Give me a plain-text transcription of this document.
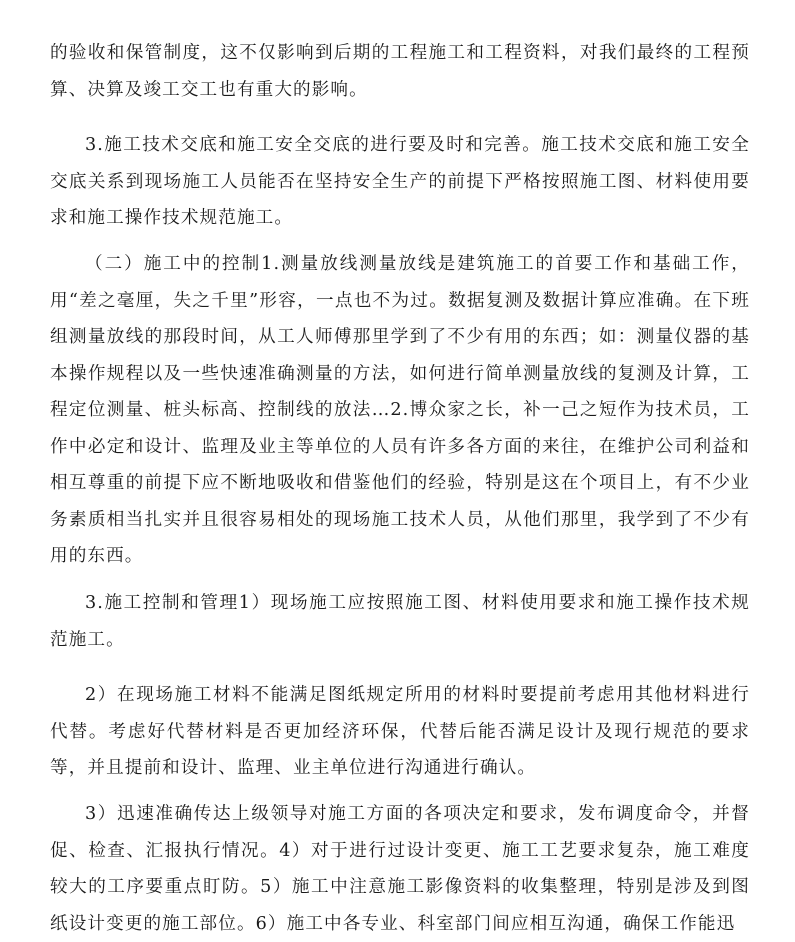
的验收和保管制度，这不仅影响到后期的工程施工和工程资料，对我们最终的工程预算、决算及竣工交工也有重大的影响。

3.施工技术交底和施工安全交底的进行要及时和完善。施工技术交底和施工安全交底关系到现场施工人员能否在坚持安全生产的前提下严格按照施工图、材料使用要求和施工操作技术规范施工。

（二）施工中的控制1.测量放线测量放线是建筑施工的首要工作和基础工作，用“差之毫厘，失之千里”形容，一点也不为过。数据复测及数据计算应准确。在下班组测量放线的那段时间，从工人师傅那里学到了不少有用的东西；如：测量仪器的基本操作规程以及一些快速准确测量的方法，如何进行简单测量放线的复测及计算，工程定位测量、桩头标高、控制线的放法…2.博众家之长，补一己之短作为技术员，工作中必定和设计、监理及业主等单位的人员有许多各方面的来往，在维护公司利益和相互尊重的前提下应不断地吸收和借鉴他们的经验，特别是这在个项目上，有不少业务素质相当扎实并且很容易相处的现场施工技术人员，从他们那里，我学到了不少有用的东西。

3.施工控制和管理1）现场施工应按照施工图、材料使用要求和施工操作技术规范施工。

2）在现场施工材料不能满足图纸规定所用的材料时要提前考虑用其他材料进行代替。考虑好代替材料是否更加经济环保，代替后能否满足设计及现行规范的要求等，并且提前和设计、监理、业主单位进行沟通进行确认。

3）迅速准确传达上级领导对施工方面的各项决定和要求，发布调度命令，并督促、检查、汇报执行情况。4）对于进行过设计变更、施工工艺要求复杂，施工难度较大的工序要重点盯防。5）施工中注意施工影像资料的收集整理，特别是涉及到图纸设计变更的施工部位。6）施工中各专业、科室部门间应相互沟通，确保工作能迅
